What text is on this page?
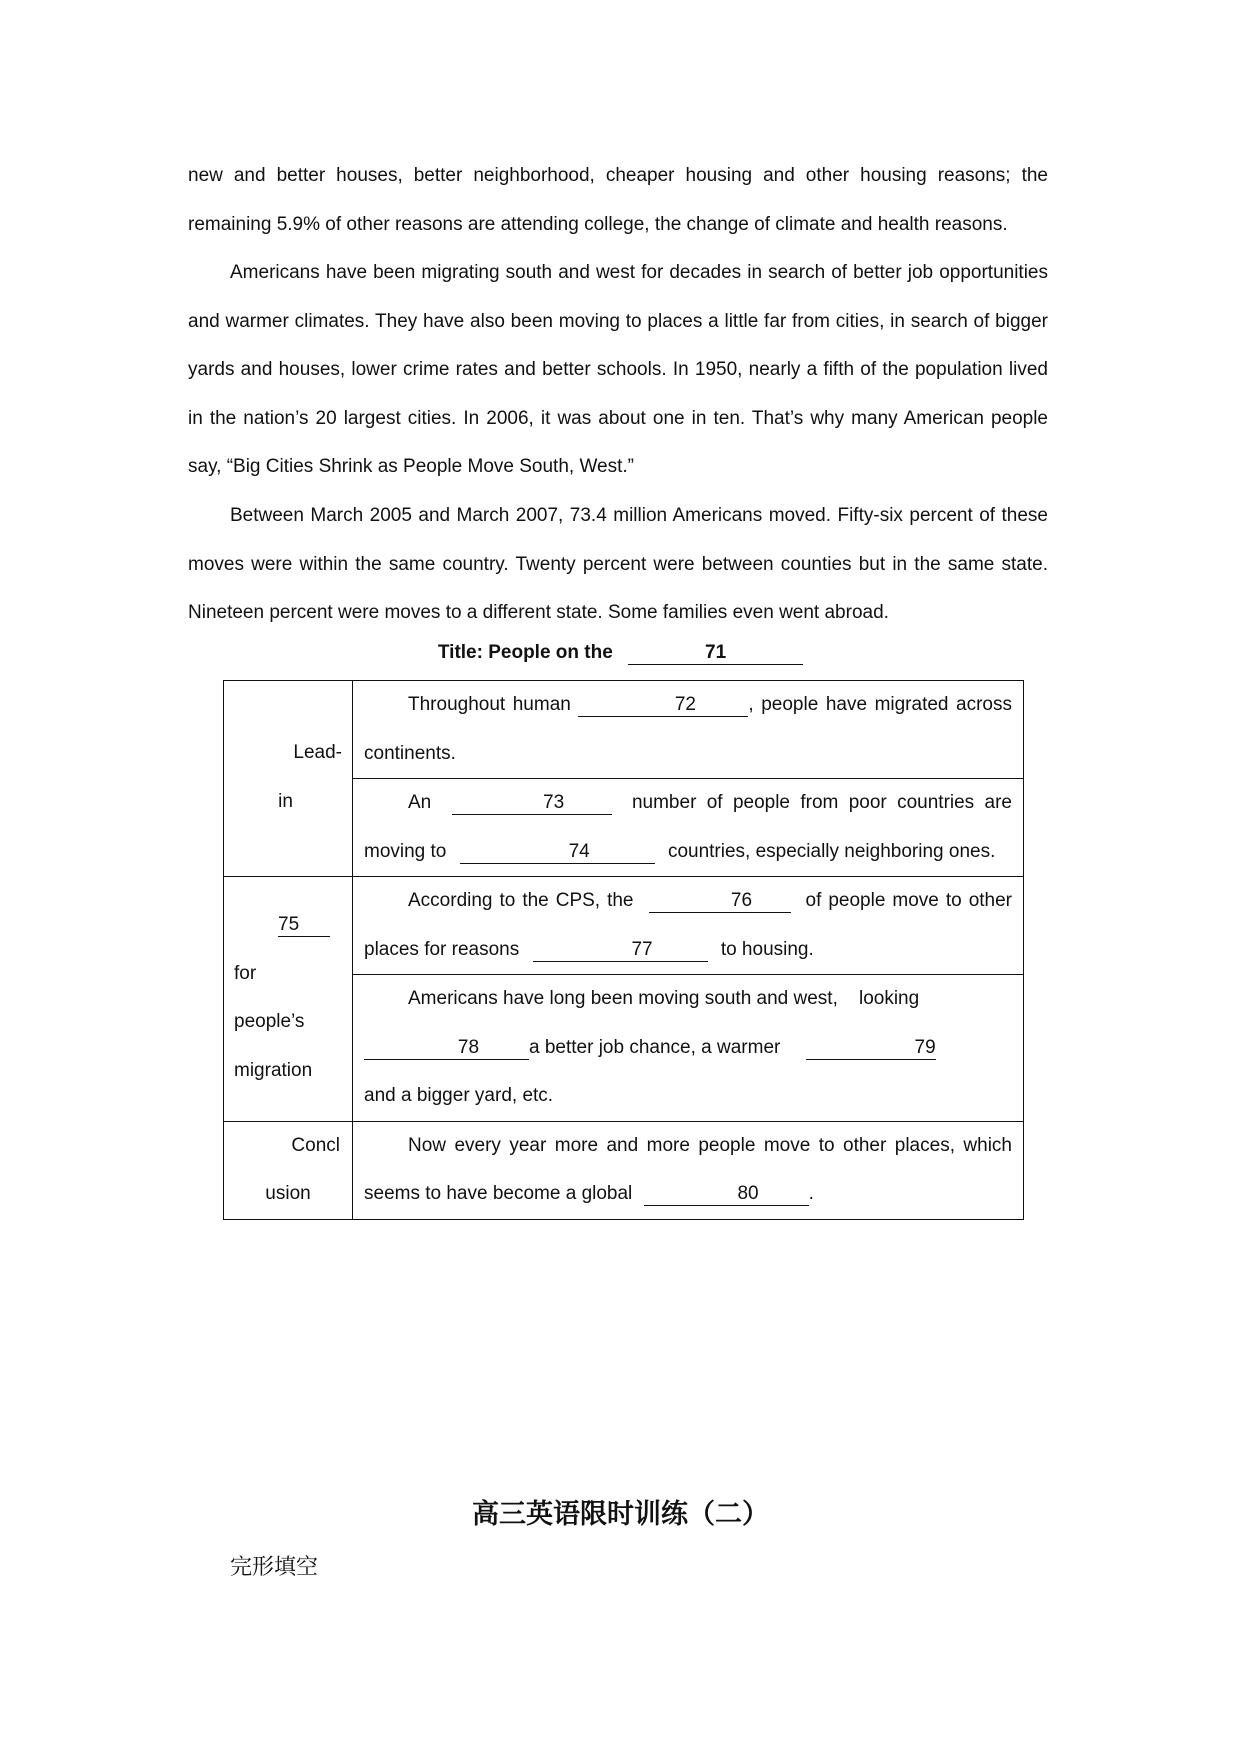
new and better houses, better neighborhood, cheaper housing and other housing reasons; the remaining 5.9% of other reasons are attending college, the change of climate and health reasons.
Americans have been migrating south and west for decades in search of better job opportunities and warmer climates. They have also been moving to places a little far from cities, in search of bigger yards and houses, lower crime rates and better schools. In 1950, nearly a fifth of the population lived in the nation’s 20 largest cities. In 2006, it was about one in ten. That’s why many American people say, “Big Cities Shrink as People Move South, West.”
Between March 2005 and March 2007, 73.4 million Americans moved. Fifty-six percent of these moves were within the same country. Twenty percent were between counties but in the same state. Nineteen percent were moves to a different state. Some families even went abroad.
Title: People on the	71
Lead-
in	Throughout human 72 , people have migrated across continents.

	An 73 number of people from poor countries are moving to 74 countries, especially neighboring ones.

75
for
people’s
migration	According to the CPS, the 76 of people move to other places for reasons 77 to housing.

	Americans have long been moving south and west,    looking
78 a better job chance, a warmer 79
and a bigger yard, etc.

Concl
usion	Now every year more and more people move to other places, which seems to have become a global 80 .
高三英语限时训练（二）
完形填空
